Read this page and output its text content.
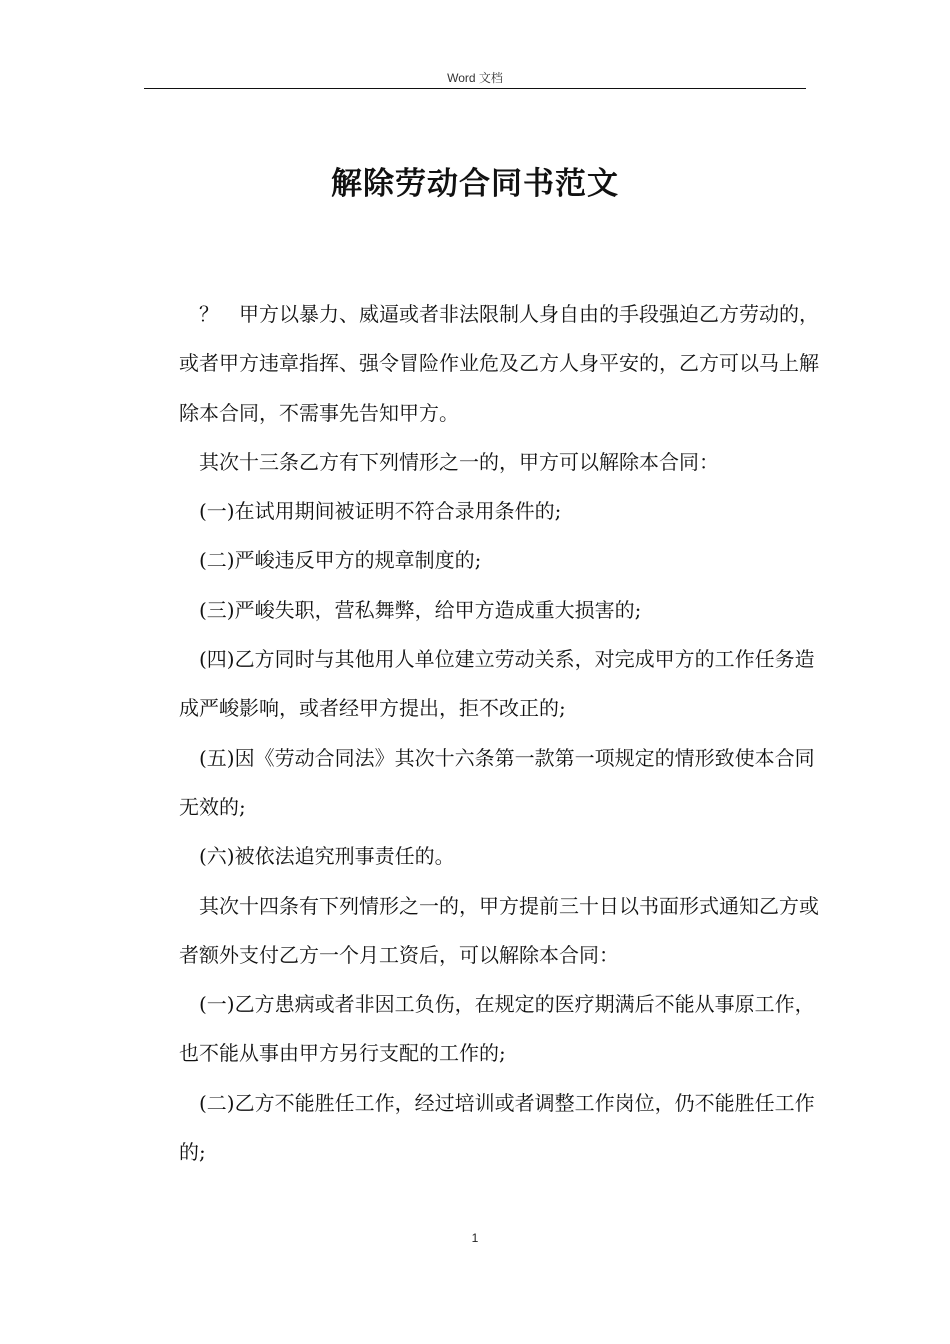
Word 文档
解除劳动合同书范文

？　甲方以暴力、威逼或者非法限制人身自由的手段强迫乙方劳动的，或者甲方违章指挥、强令冒险作业危及乙方人身平安的，乙方可以马上解除本合同，不需事先告知甲方。

其次十三条乙方有下列情形之一的，甲方可以解除本合同：

(一)在试用期间被证明不符合录用条件的;

(二)严峻违反甲方的规章制度的;

(三)严峻失职，营私舞弊，给甲方造成重大损害的;

(四)乙方同时与其他用人单位建立劳动关系，对完成甲方的工作任务造成严峻影响，或者经甲方提出，拒不改正的;

(五)因《劳动合同法》其次十六条第一款第一项规定的情形致使本合同无效的;

(六)被依法追究刑事责任的。

其次十四条有下列情形之一的，甲方提前三十日以书面形式通知乙方或者额外支付乙方一个月工资后，可以解除本合同：

(一)乙方患病或者非因工负伤，在规定的医疗期满后不能从事原工作，也不能从事由甲方另行支配的工作的;

(二)乙方不能胜任工作，经过培训或者调整工作岗位，仍不能胜任工作的;

1
